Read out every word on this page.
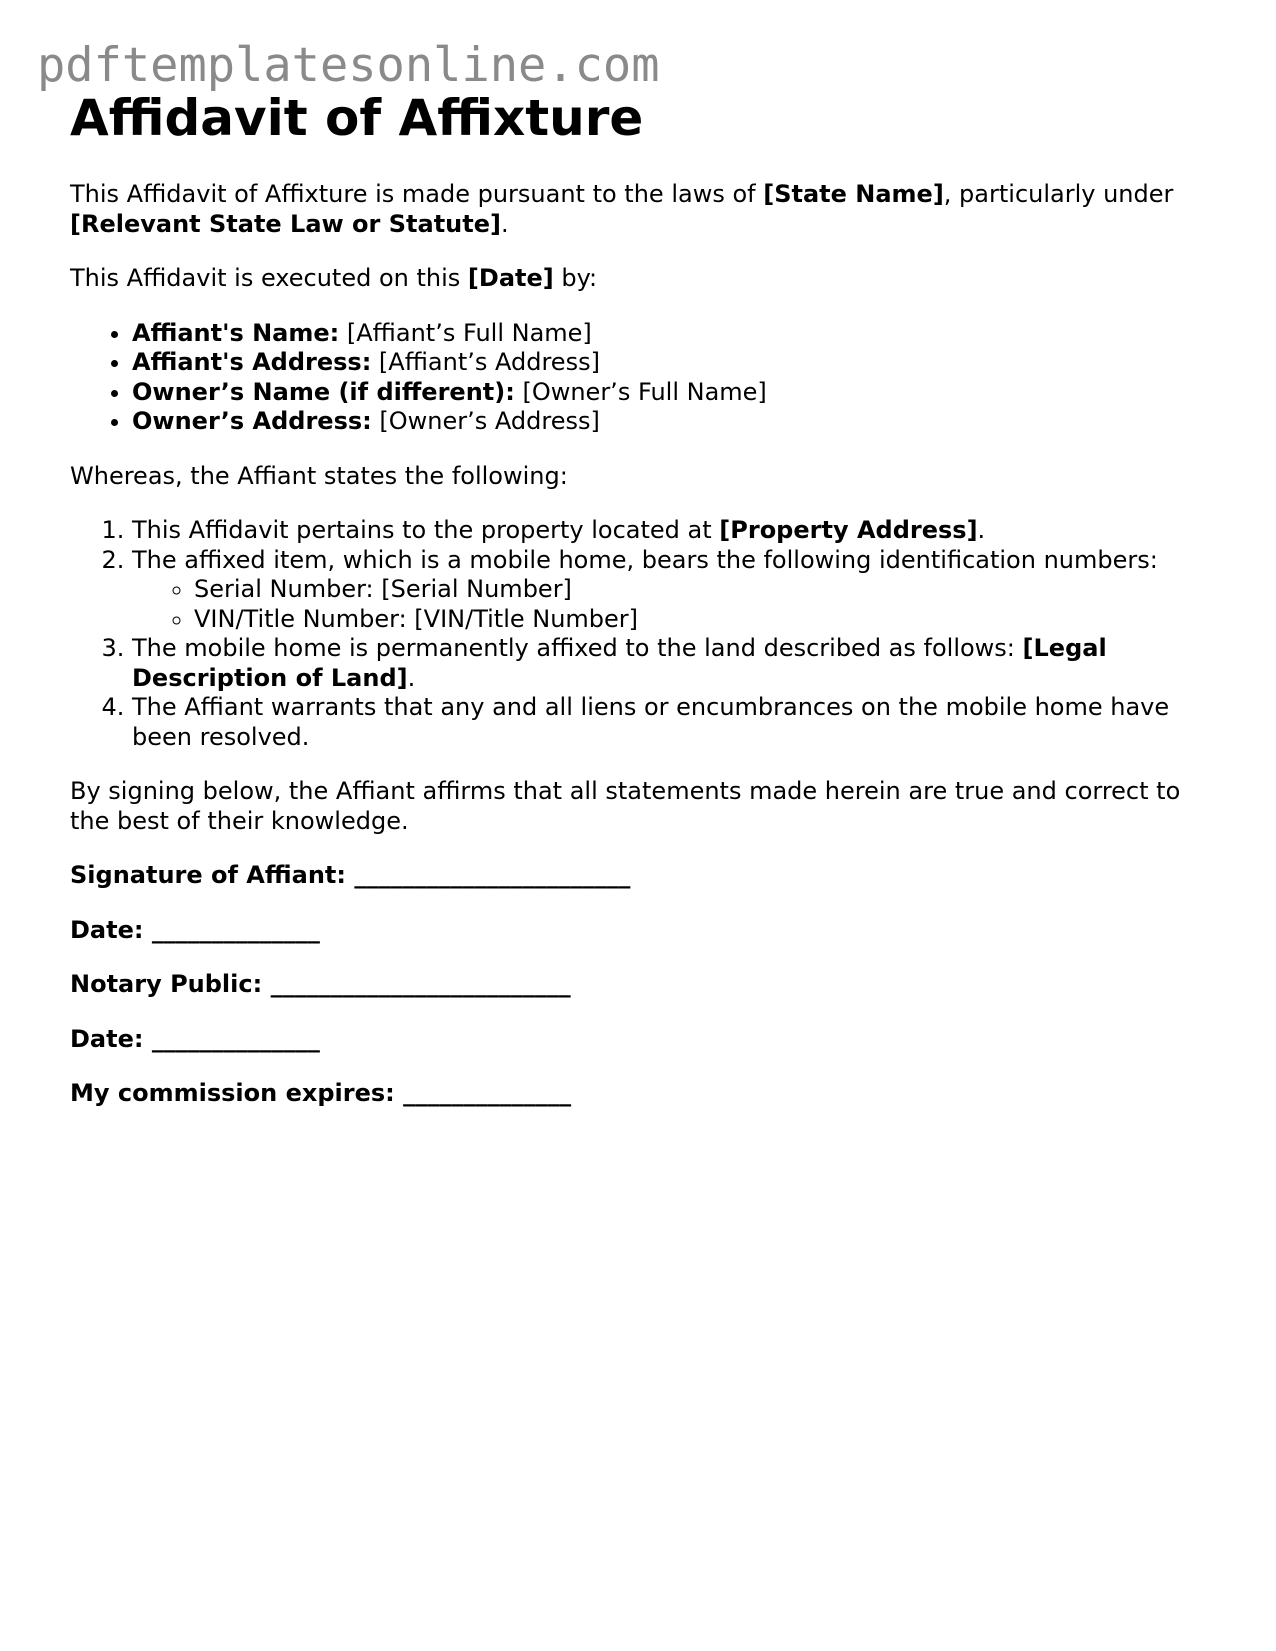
pdftemplatesonline.com
Affidavit of Affixture

This Affidavit of Affixture is made pursuant to the laws of [State Name], particularly under [Relevant State Law or Statute].

This Affidavit is executed on this [Date] by:

• Affiant's Name: [Affiant’s Full Name]
• Affiant's Address: [Affiant’s Address]
• Owner’s Name (if different): [Owner’s Full Name]
• Owner’s Address: [Owner’s Address]

Whereas, the Affiant states the following:

1. This Affidavit pertains to the property located at [Property Address].
2. The affixed item, which is a mobile home, bears the following identification numbers:
◦ Serial Number: [Serial Number]
◦ VIN/Title Number: [VIN/Title Number]
3. The mobile home is permanently affixed to the land described as follows: [Legal Description of Land].
4. The Affiant warrants that any and all liens or encumbrances on the mobile home have been resolved.

By signing below, the Affiant affirms that all statements made herein are true and correct to the best of their knowledge.

Signature of Affiant: _______________________

Date: ______________

Notary Public: _________________________

Date: ______________

My commission expires: ______________
